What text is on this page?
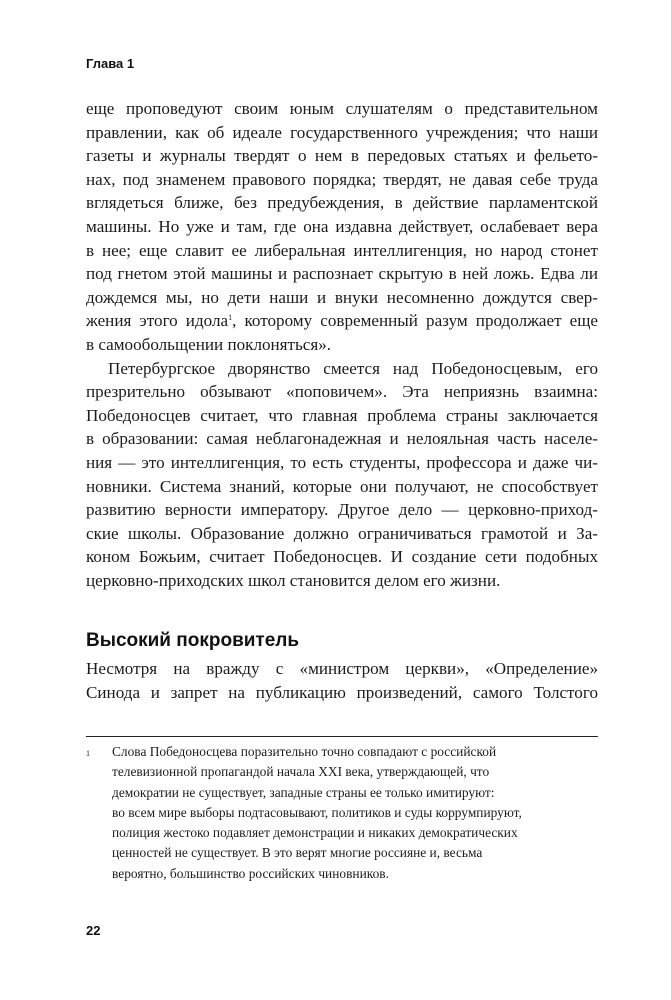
Глава 1
еще проповедуют своим юным слушателям о представительном
правлении, как об идеале государственного учреждения; что наши
газеты и журналы твердят о нем в передовых статьях и фельето-
нах, под знаменем правового порядка; твердят, не давая себе труда
вглядеться ближе, без предубеждения, в действие парламентской
машины. Но уже и там, где она издавна действует, ослабевает вера
в нее; еще славит ее либеральная интеллигенция, но народ стонет
под гнетом этой машины и распознает скрытую в ней ложь. Едва ли
дождемся мы, но дети наши и внуки несомненно дождутся свер-
жения этого идола$^1$, которому современный разум продолжает еще
в самообольщении поклоняться».
Петербургское дворянство смеется над Победоносцевым, его
презрительно обзывают «поповичем». Эта неприязнь взаимна:
Победоносцев считает, что главная проблема страны заключается
в образовании: самая неблагонадежная и нелояльная часть населе-
ния — это интеллигенция, то есть студенты, профессора и даже чи-
новники. Система знаний, которые они получают, не способствует
развитию верности императору. Другое дело — церковно-приход-
ские школы. Образование должно ограничиваться грамотой и За-
коном Божьим, считает Победоносцев. И создание сети подобных
церковно-приходских школ становится делом его жизни.
Высокий покровитель
Несмотря на вражду с «министром церкви», «Определение»
Синода и запрет на публикацию произведений, самого Толстого
1 Слова Победоносцева поразительно точно совпадают с российской
телевизионной пропагандой начала XXI века, утверждающей, что
демократии не существует, западные страны ее только имитируют:
во всем мире выборы подтасовывают, политиков и суды коррумпируют,
полиция жестоко подавляет демонстрации и никаких демократических
ценностей не существует. В это верят многие россияне и, весьма
вероятно, большинство российских чиновников.
22
